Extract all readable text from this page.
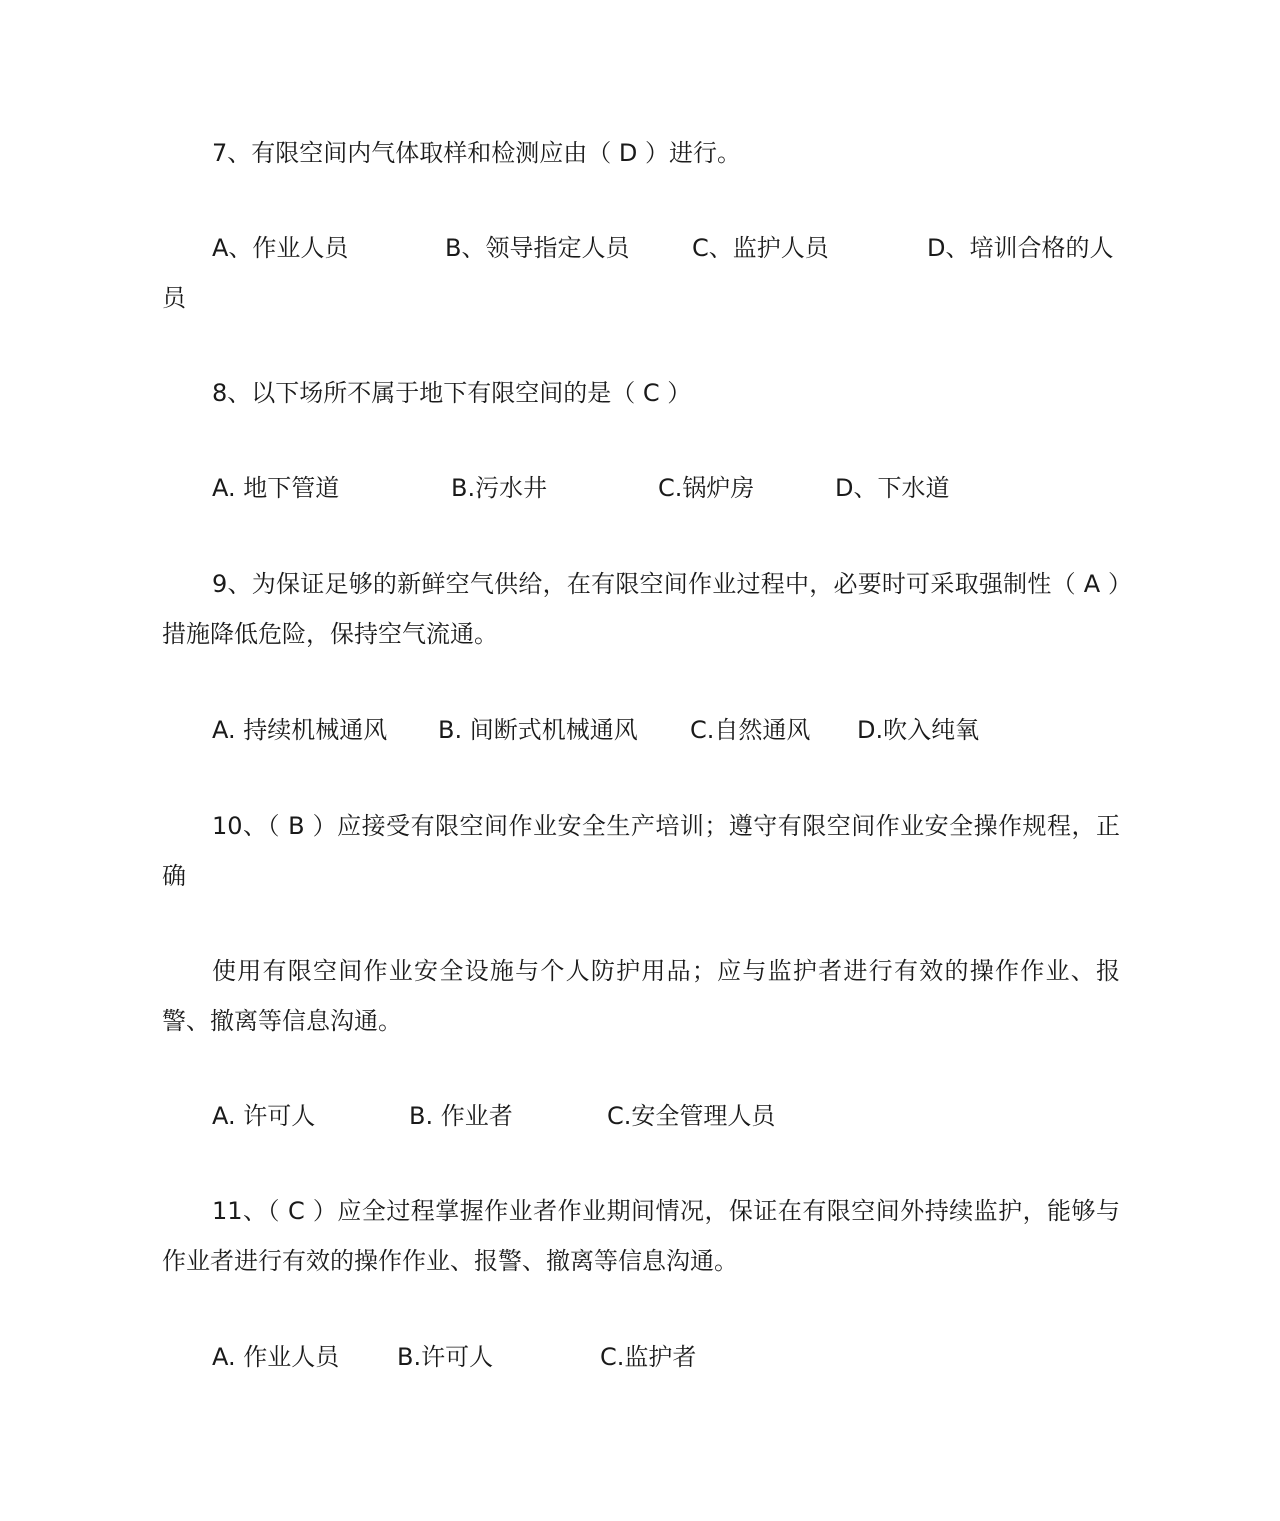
7、有限空间内气体取样和检测应由（ D ）进行。

A、作业人员	B、领导指定人员	C、监护人员	D、培训合格的人员

8、以下场所不属于地下有限空间的是（ C ）

A. 地下管道	B.污水井	C.锅炉房	D、下水道

9、为保证足够的新鲜空气供给，在有限空间作业过程中，必要时可采取强制性（ A ）措施降低危险，保持空气流通。

A. 持续机械通风 B. 间断式机械通风 C.自然通风 D.吹入纯氧

10、（ B ）应接受有限空间作业安全生产培训；遵守有限空间作业安全操作规程，正确

使用有限空间作业安全设施与个人防护用品；应与监护者进行有效的操作作业、报警、撤离等信息沟通。

A. 许可人	B. 作业者	C.安全管理人员

11、（ C ）应全过程掌握作业者作业期间情况，保证在有限空间外持续监护，能够与作业者进行有效的操作作业、报警、撤离等信息沟通。

A. 作业人员 B.许可人	C.监护者
